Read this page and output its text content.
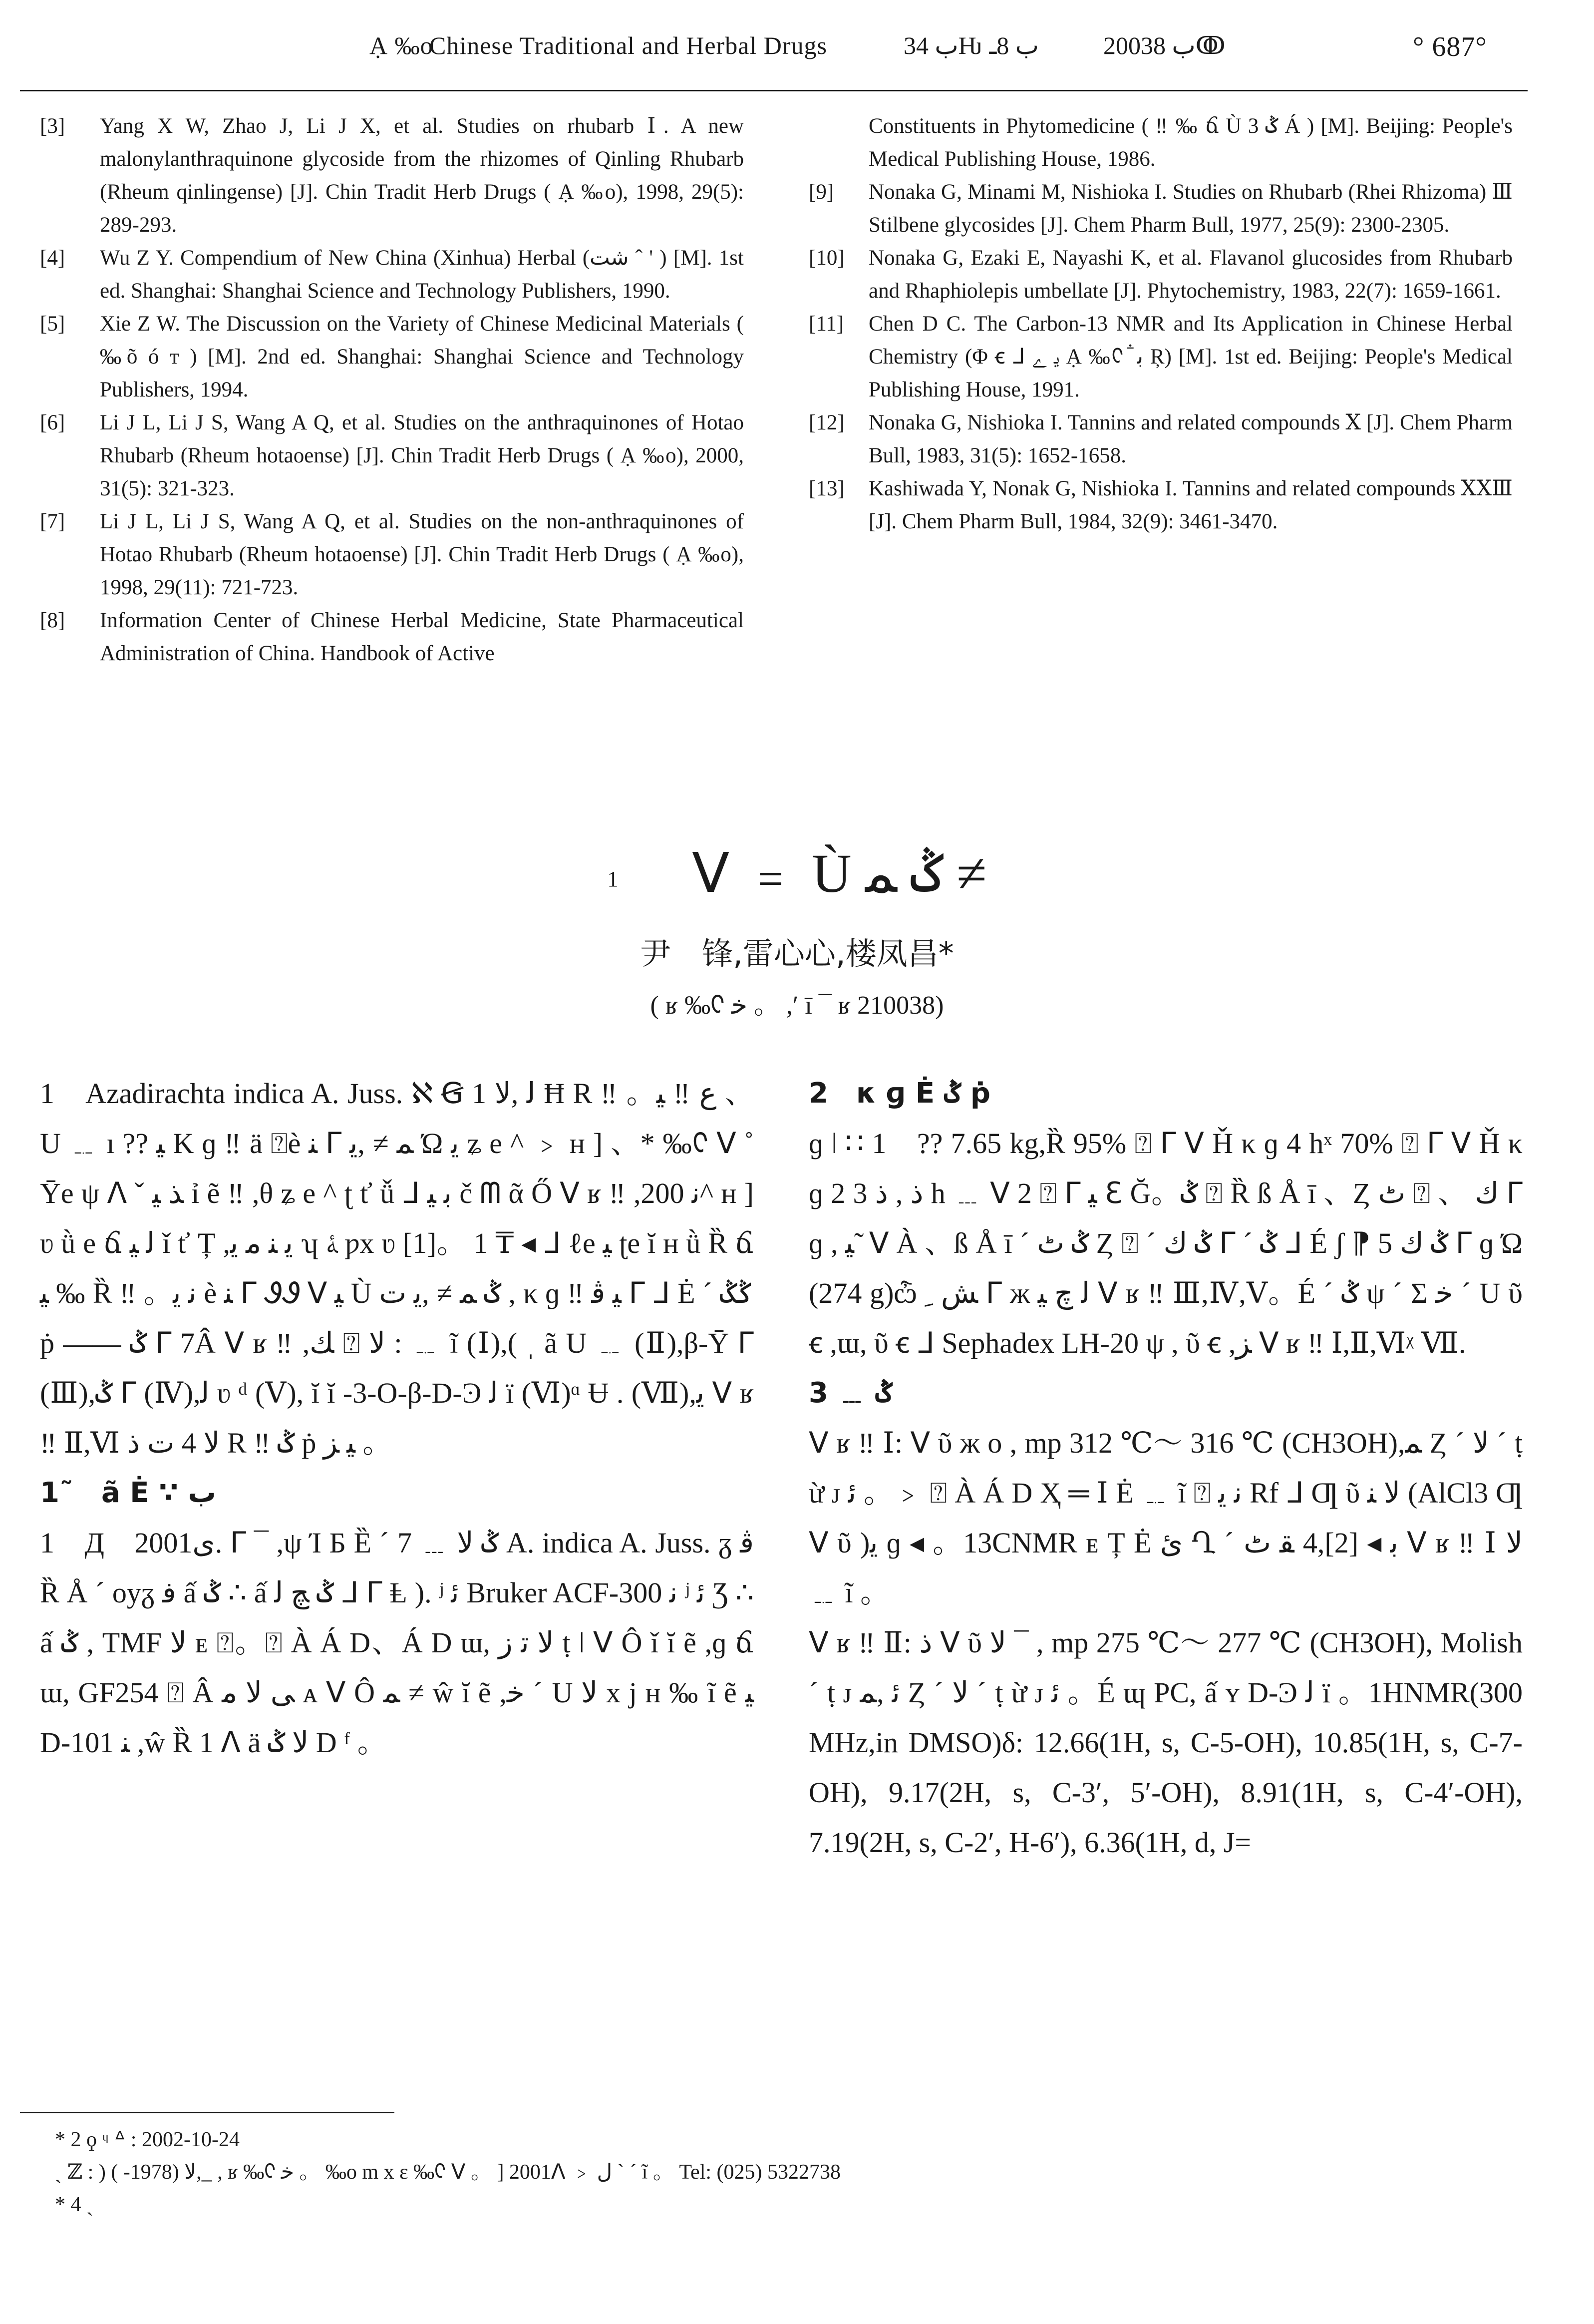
Ạ ‰o
Chinese Traditional and Herbal Drugs	ب 34Ƕ ب 8ـ	2003ب 8ↂ	° 687°
[3]	Yang X W, Zhao J, Li J X, et al. Studies on rhubarb Ⅰ. A new malonylanthraquinone glycoside from the rhizomes of Qinling Rhubarb (Rheum qinlingense) [J]. Chin Tradit Herb Drugs ( Ạ ‰o), 1998, 29(5): 289-293.
[4]	Wu Z Y. Compendium of New China (Xinhua) Herbal (ﺷﺖ ˆ ' ) [M]. 1st ed. Shanghai: Shanghai Science and Technology Publishers, 1990.
[5]	Xie Z W. The Discussion on the Variety of Chinese Medicinal Materials ( ‰õ ó т ) [M]. 2nd ed. Shanghai: Shanghai Science and Technology Publishers, 1994.
[6]	Li J L, Li J S, Wang A Q, et al. Studies on the anthraquinones of Hotao Rhubarb (Rheum hotaoense) [J]. Chin Tradit Herb Drugs ( Ạ ‰o), 2000, 31(5): 321-323.
[7]	Li J L, Li J S, Wang A Q, et al. Studies on the non-anthraquinones of Hotao Rhubarb (Rheum hotaoense) [J]. Chin Tradit Herb Drugs ( Ạ ‰o), 1998, 29(11): 721-723.
[8]	Information Center of Chinese Herbal Medicine, State Pharmaceutical Administration of China. Handbook of Active
Constituents in Phytomedicine ( ‼ ‰ ճ Ù ݣ 3 Á ) [M]. Beijing: People's Medical Publishing House, 1986.
[9]	Nonaka G, Minami M, Nishioka I. Studies on Rhubarb (Rhei Rhizoma) Ⅲ Stilbene glycosides [J]. Chem Pharm Bull, 1977, 25(9): 2300-2305.
[10]	Nonaka G, Ezaki E, Nayashi K, et al. Flavanol glucosides from Rhubarb and Rhaphiolepis umbellate [J]. Phytochemistry, 1983, 22(7): 1659-1661.
[11]	Chen D C. The Carbon-13 NMR and Its Application in Chinese Herbal Chemistry (Φ ꞓ ᒧ ﻳ ﮮ Ạ ‰ᢗ ꜙ ﺑ Ŗ) [M]. 1st ed. Beijing: People's Medical Publishing House, 1991.
[12]	Nonaka G, Nishioka I. Tannins and related compounds Ⅹ [J]. Chem Pharm Bull, 1983, 31(5): 1652-1658.
[13]	Kashiwada Y, Nonak G, Nishioka I. Tannins and related compounds ⅩⅩⅢ [J]. Chem Pharm Bull, 1984, 32(9): 3461-3470.
1 ᐯ ﹦ Ù ݣ ﻤ ≠
尹　锋,雷心心,楼凤昌*
( ʁ ‰ᢗ ﺧ 。 ,ʹ ī ¯ ʁ 210038)

1　Azadirachta indica A. Juss. ℵ Ꞡ 1 ﻟ ,ﻻ Ħ R ‼ 。ﻉ ‼ ﻴ 、U ﹎ ı ?? ﻴ K ɡ ‼ ä ⍰è ﻨ ᒥ ﻤ ≠ ,ﻳ Ώ ﻳ ʑ e ^ ﹥ ʜ ] 、* ‰ᢗ ᐯ ˚ Ῡe ψ ᐱ ˇ ﺬ ﻴ ỉ ẽ ‼ ,θ ʑ e ^ ʈ ť ǚ ᒧ ﺑ ﻴ č ᗰ ᾶ Ő ᐯ ʁ ‼ ,ﻧ 200^ ʜ ] ʋ ǜ e ճ ﻟ ﻴ ǐ ť Ț ,ﻳ ﻨ ﻣ ﻳ ʮ ﮥ ƿx ʋ [1]。 1 ₸ ◂ ᒧ ℓe ﻴ ʈe ĭ ʜ ǜ Ȑ ճ ﻴ ‰ Ȑ ‼ 。ﻧ ﻳ è ﻨ ᒥ ᏭᏭ ᐯ ﻴ Ù ݣ ﻤ ≠ ,ﻳ ت , κ ɡ ‼ ﻴ ﭬ ᒥ ᒧ Ė ˊ ݣݣ ṗ —— ݣ ᒥ 7Â ᐯ ʁ ‼ ,ﻚ ⍰ ﻻ : ﹎ ĩ (Ⅰ),( ˌ ã U ﹎ (Ⅱ),β-Ῡ ᒥ (Ⅲ),ݣ ᒥ (Ⅳ),ﻟ ʋ ᵈ (Ⅴ), ĭ ĭ -3-O-β-D-Ͽ ﻟ ï (Ⅵ)ᵅ Ʉ . (Ⅶ),ﻳ ᐯ ʁ ‼ Ⅱ,Ⅵ ﻻ 4 ﺕ ﺫ R ‼ ݣ ṗ ﻴ ﺰ 。

1˜　ã Ė ∵ ب

1　Д　2001ﻯ. ᒥ ¯ ,ψ Ί Б Ȅ ˊ 7 ﹍ ݣ ﻻ A. indica A. Juss. ᵹ ﭬ Ȑ Å ˊ oyᵹ ﻓ ấ ݣ ∴ ấ ݣ ﭻ ﻟ ᒧ ᒥ Ⱡ ). ʲ ﺋ Bruker ACF-300 ﻧ ʲ ﺋ Ʒ ∴ ấ ݣ , TMF ﻻ ᴇ ⍰。⍰ À Á D、Á D ɯ, ﻻ ﺗ ﺯ ṭ ǀ ᐯ Ô ǐ ĭ ẽ ,ɡ ճ ɯ, GF254 ⍰ Â ﻰ ﻻ ﻣ ᴀ ᐯ Ô ﻤ ≠ ŵ ĭ ẽ ,ﺧ ˊ U ﻻ x j ʜ ‰ ĩ ẽ ﻴ D-101 ﻨ ,ŵ Ȑ 1 ᐱ ä ﻻ ݣ D ᶠ 。

2　κ ɡ Ė ݣ ṗ

ɡ ǀ ∷ 1　?? 7.65 kg,Ȑ 95% ⍰ ᒥ ᐯ Ȟ κ ɡ 4 hˣ 70% ⍰ ᒥ ᐯ Ȟ κ ɡ 2 ﺫ , ﺫ 3 h ﹍ ᐯ 2 ⍰ ᒥ ﻴ ℇ Ğ。ݣ ⍰ Ȑ ß Å ī 、Ȥ ٹ ⍰ 、 ﻙ ᒥ ɡ , ﻴ ̃ ᐯ À 、ß Å ī ˊ ݣ ٹ Ȥ ⍰ ˊ ݣ ﻙ ᒥ ˊ ݣ ᒧ É ʃ ⁋ 5 ݣ ﻙ ᒥ ɡ Ώ (274 g)ѽ ﺶ ﹺ ᒥ ж ﻟ ﭺ ﻴ ᐯ ʁ ‼ Ⅲ,Ⅳ,Ⅴ。É ˊ ݣ ψ ˊ Σ ﺧ ˊ U ῦ ꞓ ,ɯ, ῦ ꞓ ᒧ Sephadex LH-20 ψ , ῦ ꞓ ,ﺰ ᐯ ʁ ‼ Ⅰ,Ⅱ,Ⅵᵡ Ⅶ.

3 ﹍ ݣ

ᐯ ʁ ‼ Ⅰ: ᐯ ῦ ж o , mp 312 ℃～ 316 ℃ (CH3OH),ﻤ Ȥ ˊ ﻻ ˊ ṭ ừ ᴊ ﺋ 。﹥ ⍰ À Á D Ҳ ═ Ⅰ Ė ﹎ ĩ ⍰ ﻧ ﻳ Rf ᒧ Ƣ ῦ ﻻ ﻨ (AlCl3 Ƣ ᐯ ῦ )ﻳ ɡ ◂ 。13CNMR ᴇ Ț Ė ﺉ Ղ ˊ ﺑ ◂ [2],4 ﻘ ٹ ᐯ ʁ ‼ Ⅰ ﻻ ﹎ ĩ 。

ᐯ ʁ ‼ Ⅱ: ﺫ ᐯ ῦ ﻻ ¯ , mp 275 ℃～ 277 ℃ (CH3OH), Molish ˊ ṭ ᴊ ﺋ ,ﻤ Ȥ ˊ ﻻ ˊ ṭ ừ ᴊ ﺋ 。É ɰ PC, ấ ʏ D-Ͽ ﻟ ï 。1HNMR(300 MHz,in DMSO)δ: 12.66(1H, s, C-5-OH), 10.85(1H, s, C-7-OH), 9.17(2H, s, C-3′, 5′-OH), 8.91(1H, s, C-4′-OH), 7.19(2H, s, C-2′, H-6′), 6.36(1H, d, J=

* 2 ϙ ᶣ ᐞ : 2002-10-24
ˎ ℤ : ) ﻻ (1978- ),_ , ʁ ‰ᢗ ﺧ 。 ‰o m x ɛ ‰ᢗ ᐯ 。 ] 2001ᐱ ﹥ ﻝ ˋ ˊ ĩ 。 Tel: (025) 5322738
* 4 ˏ
